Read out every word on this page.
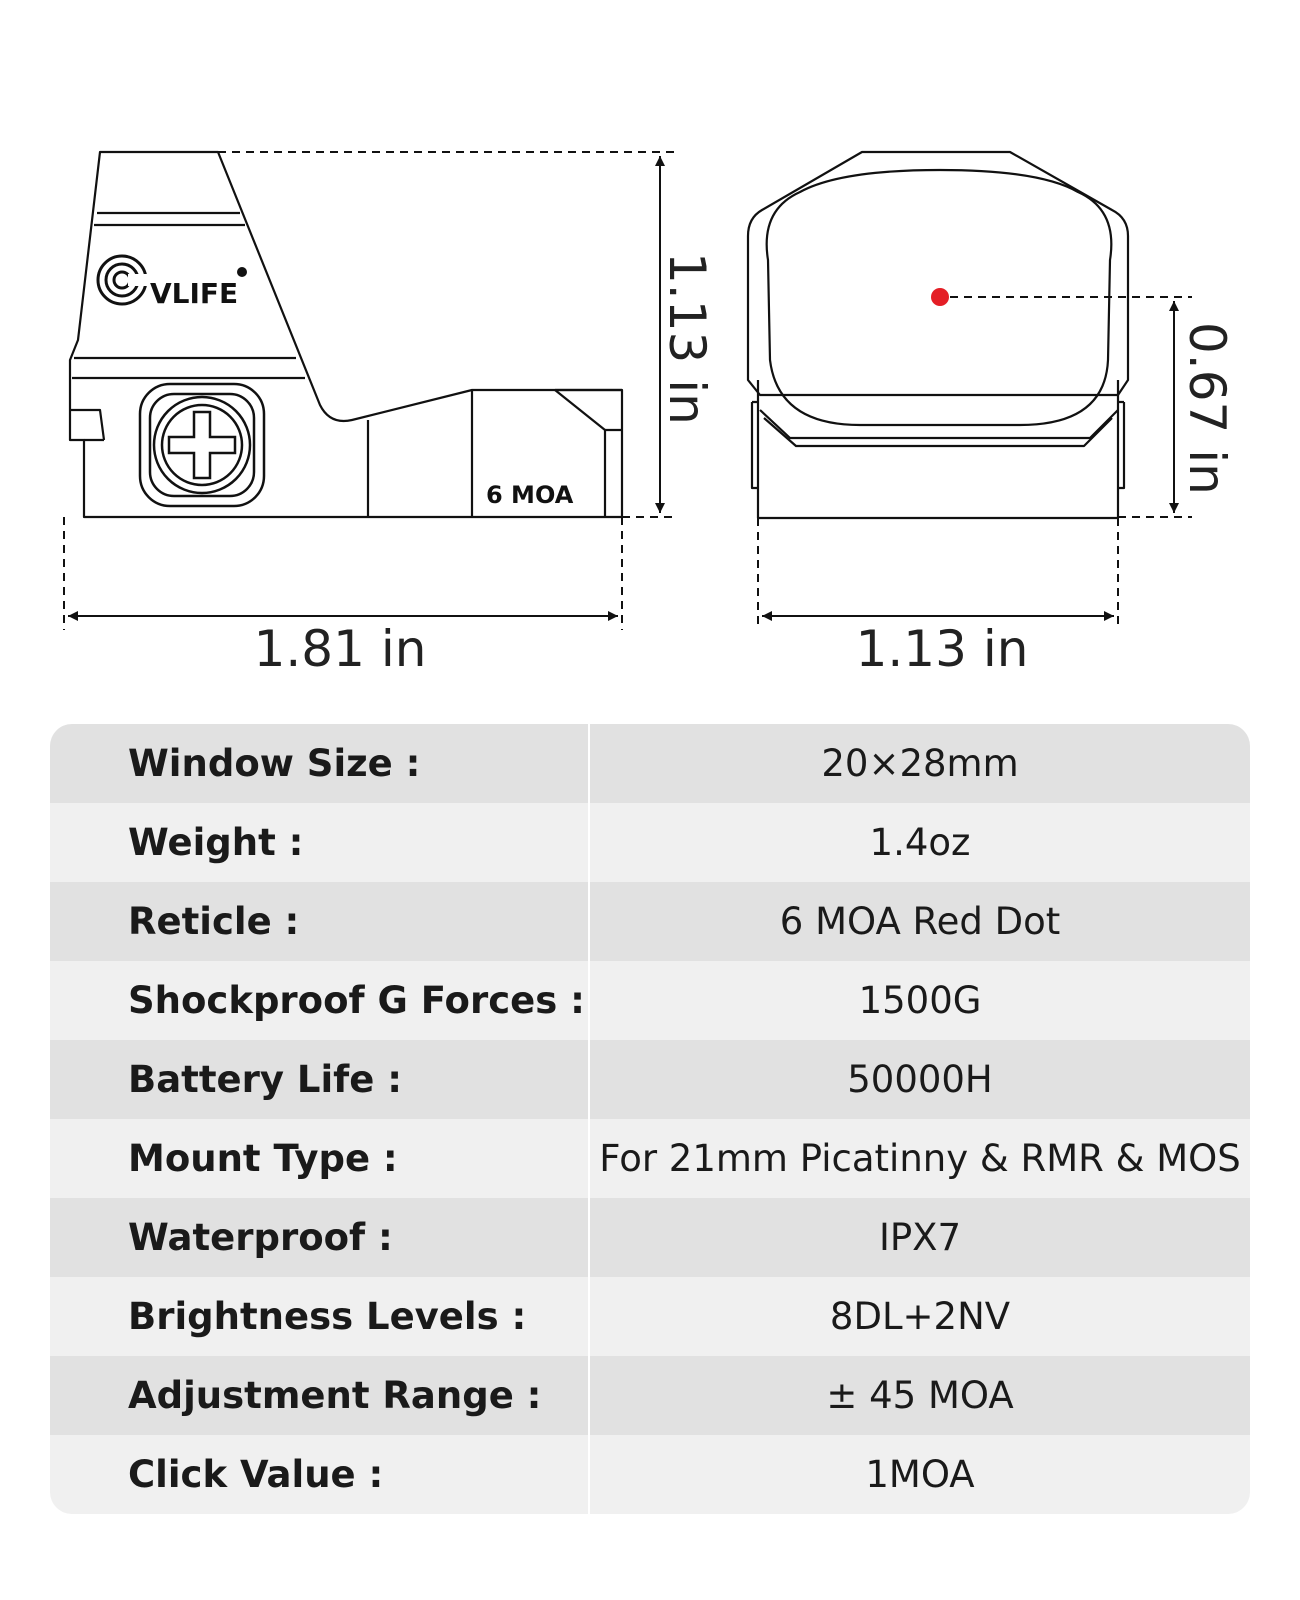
VLIFE
6 MOA
1.13 in
1.81 in
0.67 in
1.13 in
Window Size :	20×28mm
Weight :	1.4oz
Reticle :	6 MOA Red Dot
Shockproof G Forces :	1500G
Battery Life :	50000H
Mount Type :	For 21mm Picatinny & RMR & MOS
Waterproof :	IPX7
Brightness Levels :	8DL+2NV
Adjustment Range :	± 45 MOA
Click Value :	1MOA
